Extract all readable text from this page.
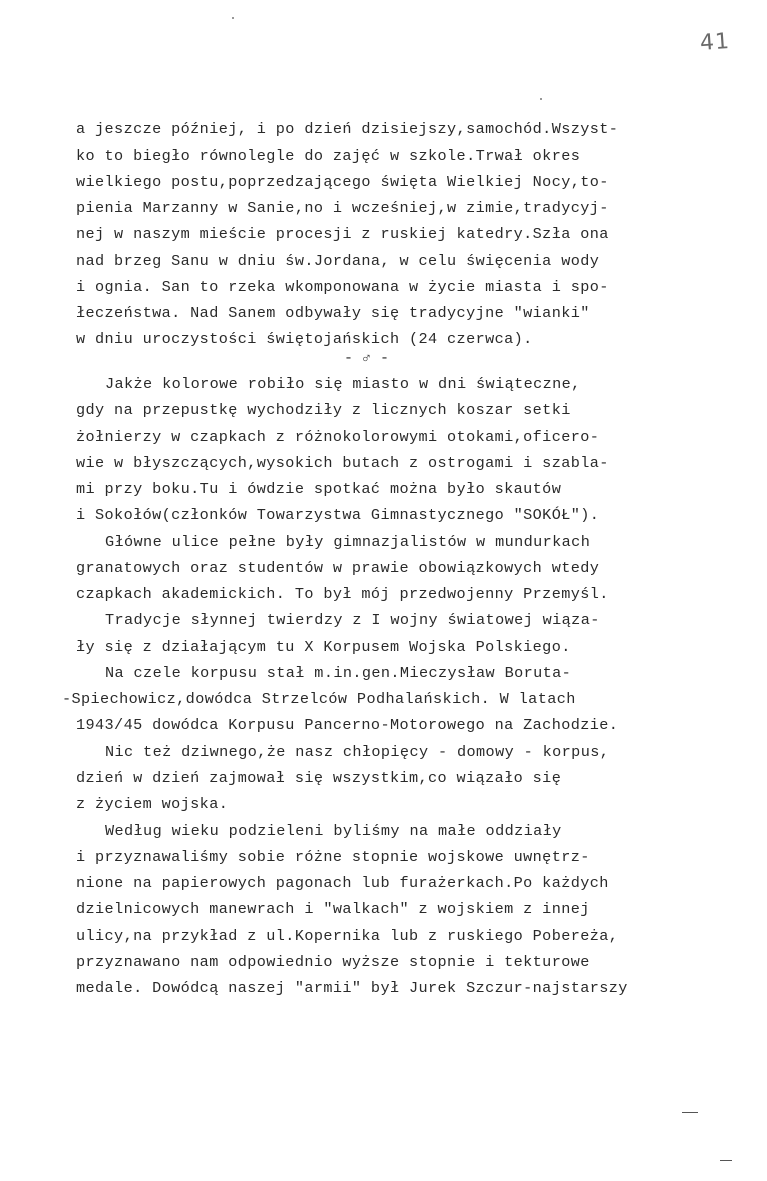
41
a jeszcze później, i po dzień dzisiejszy,samochód.Wszyst-
ko to biegło równolegle do zajęć w szkole.Trwał okres
wielkiego postu,poprzedzającego święta Wielkiej Nocy,to-
pienia Marzanny w Sanie,no i wcześniej,w zimie,tradycyj-
nej w naszym mieście procesji z ruskiej katedry.Szła ona
nad brzeg Sanu w dniu św.Jordana, w celu święcenia wody
i ognia. San to rzeka wkomponowana w życie miasta i spo-
łeczeństwa. Nad Sanem odbywały się tradycyjne "wianki"
w dniu uroczystości świętojańskich (24 czerwca).
- ♂ -
Jakże kolorowe robiło się miasto w dni świąteczne,
gdy na przepustkę wychodziły z licznych koszar setki
żołnierzy w czapkach z różnokolorowymi otokami,oficero-
wie w błyszczących,wysokich butach z ostrogami i szabla-
mi przy boku.Tu i ówdzie spotkać można było skautów
i Sokołów(członków Towarzystwa Gimnastycznego "SOKÓŁ").
Główne ulice pełne były gimnazjalistów w mundurkach
granatowych oraz studentów w prawie obowiązkowych wtedy
czapkach akademickich. To był mój przedwojenny Przemyśl.
Tradycje słynnej twierdzy z I wojny światowej wiąza-
ły się z działającym tu X Korpusem Wojska Polskiego.
Na czele korpusu stał m.in.gen.Mieczysław Boruta-
-Spiechowicz,dowódca Strzelców Podhalańskich. W latach
1943/45 dowódca Korpusu Pancerno-Motorowego na Zachodzie.
Nic też dziwnego,że nasz chłopięcy - domowy - korpus,
dzień w dzień zajmował się wszystkim,co wiązało się
z życiem wojska.
Według wieku podzieleni byliśmy na małe oddziały
i przyznawaliśmy sobie różne stopnie wojskowe uwnętrz-
nione na papierowych pagonach lub furażerkach.Po każdych
dzielnicowych manewrach i "walkach" z wojskiem z innej
ulicy,na przykład z ul.Kopernika lub z ruskiego Pobereża,
przyznawano nam odpowiednio wyższe stopnie i tekturowe
medale. Dowódcą naszej "armii" był Jurek Szczur-najstarszy
